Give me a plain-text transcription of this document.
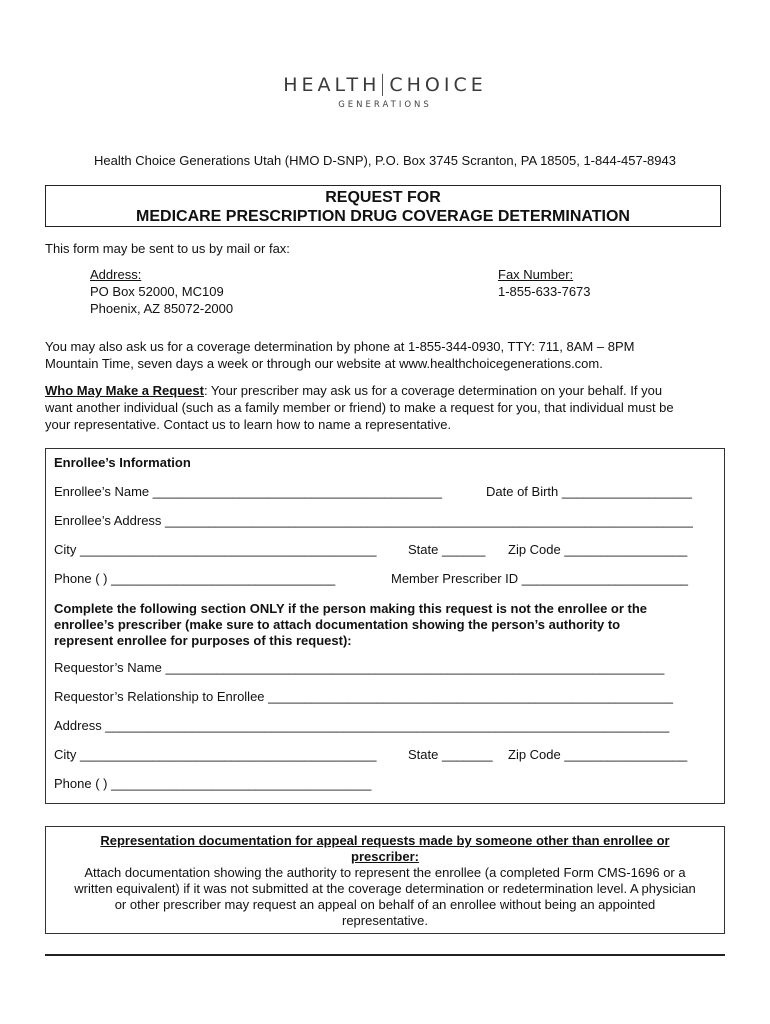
HEALTH CHOICE
GENERATIONS
Health Choice Generations Utah (HMO D-SNP), P.O. Box 3745 Scranton, PA 18505, 1-844-457-8943
REQUEST FOR
MEDICARE PRESCRIPTION DRUG COVERAGE DETERMINATION
This form may be sent to us by mail or fax:
Address:
PO Box 52000, MC109
Phoenix, AZ 85072-2000
Fax Number:
1-855-633-7673
You may also ask us for a coverage determination by phone at 1-855-344-0930, TTY: 711, 8AM – 8PM
Mountain Time, seven days a week or through our website at www.healthchoicegenerations.com.
Who May Make a Request: Your prescriber may ask us for a coverage determination on your behalf. If you
want another individual (such as a family member or friend) to make a request for you, that individual must be
your representative. Contact us to learn how to name a representative.
Enrollee’s Information
Enrollee’s Name ________________________________________	Date of Birth __________________
Enrollee’s Address _________________________________________________________________________
City _________________________________________ State ______ Zip Code _________________
Phone ( ) _______________________________	Member Prescriber ID _______________________
Complete the following section ONLY if the person making this request is not the enrollee or the
enrollee’s prescriber (make sure to attach documentation showing the person’s authority to
represent enrollee for purposes of this request):
Requestor’s Name _____________________________________________________________________
Requestor’s Relationship to Enrollee ________________________________________________________
Address ______________________________________________________________________________
City _________________________________________ State _______ Zip Code _________________
Phone ( ) ____________________________________
Representation documentation for appeal requests made by someone other than enrollee or
prescriber:
Attach documentation showing the authority to represent the enrollee (a completed Form CMS-1696 or a
written equivalent) if it was not submitted at the coverage determination or redetermination level. A physician
or other prescriber may request an appeal on behalf of an enrollee without being an appointed
representative.
